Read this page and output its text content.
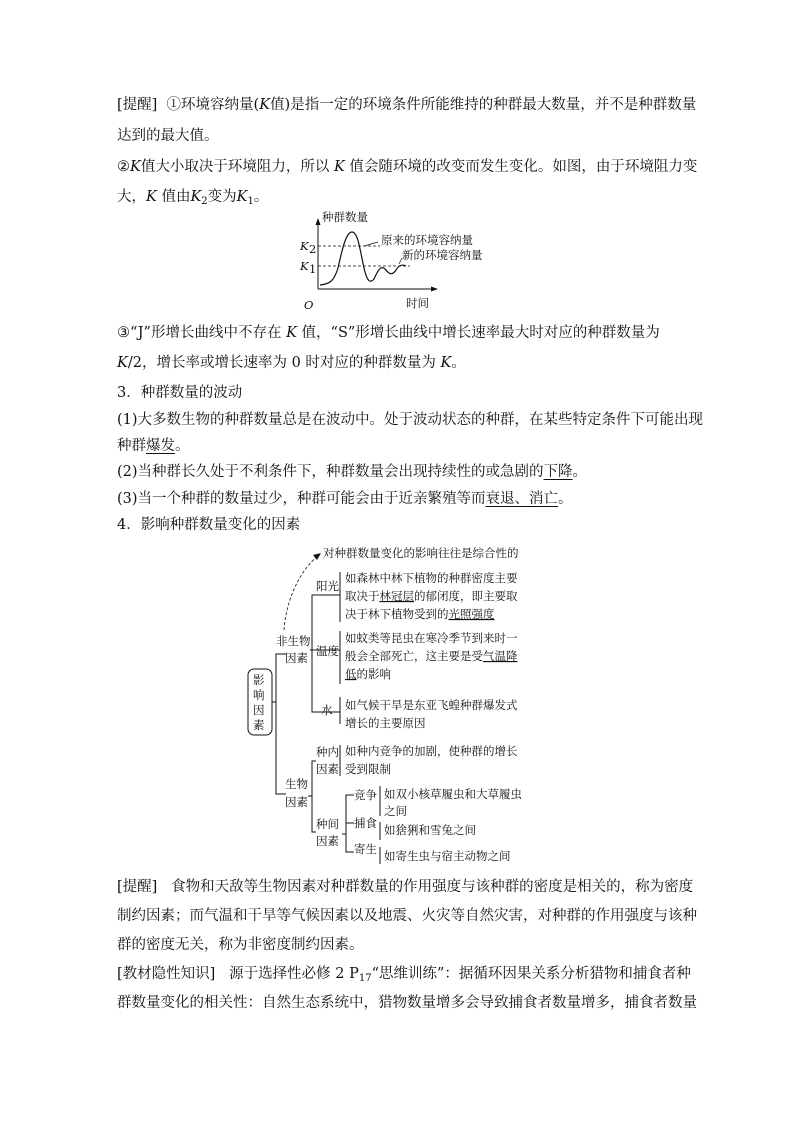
[提醒] ①环境容纳量(K值)是指一定的环境条件所能维持的种群最大数量，并不是种群数量
达到的最大值。
②K值大小取决于环境阻力，所以 K 值会随环境的改变而发生变化。如图，由于环境阻力变
大，K 值由$K_2$变为$K_1$。
种群数量
时间
O
K 2
K 1
原来的环境容纳量
新的环境容纳量
③“J”形增长曲线中不存在 K 值，“S”形增长曲线中增长速率最大时对应的种群数量为
K/2，增长率或增长速率为 0 时对应的种群数量为 K。
3．种群数量的波动
(1)大多数生物的种群数量总是在波动中。处于波动状态的种群，在某些特定条件下可能出现
种群爆发。
(2)当种群长久处于不利条件下，种群数量会出现持续性的或急剧的下降。
(3)当一个种群的数量过少，种群可能会由于近亲繁殖等而衰退、消亡。
4．影响种群数量变化的因素
影
响
因
素
对种群数量变化的影响往往是综合性的
非生物
因素
阳光
如森林中林下植物的种群密度主要
取决于林冠层的郁闭度，即主要取
决于林下植物受到的光照强度
温度
如蚊类等昆虫在寒冷季节到来时一
般会全部死亡，这主要是受气温降
低的影响
水 如气候干旱是东亚飞蝗种群爆发式
增长的主要原因
生物
因素
种内
因素
如种内竞争的加剧，使种群的增长
受到限制
种间
因素
竞争 如双小核草履虫和大草履虫
之间
捕食 如猞猁和雪兔之间
寄生 如寄生虫与宿主动物之间
[提醒] 食物和天敌等生物因素对种群数量的作用强度与该种群的密度是相关的，称为密度
制约因素；而气温和干旱等气候因素以及地震、火灾等自然灾害，对种群的作用强度与该种
群的密度无关，称为非密度制约因素。
[教材隐性知识] 源于选择性必修 2 $P_{17}“$思维训练”：据循环因果关系分析猎物和捕食者种
群数量变化的相关性：自然生态系统中，猎物数量增多会导致捕食者数量增多，捕食者数量
